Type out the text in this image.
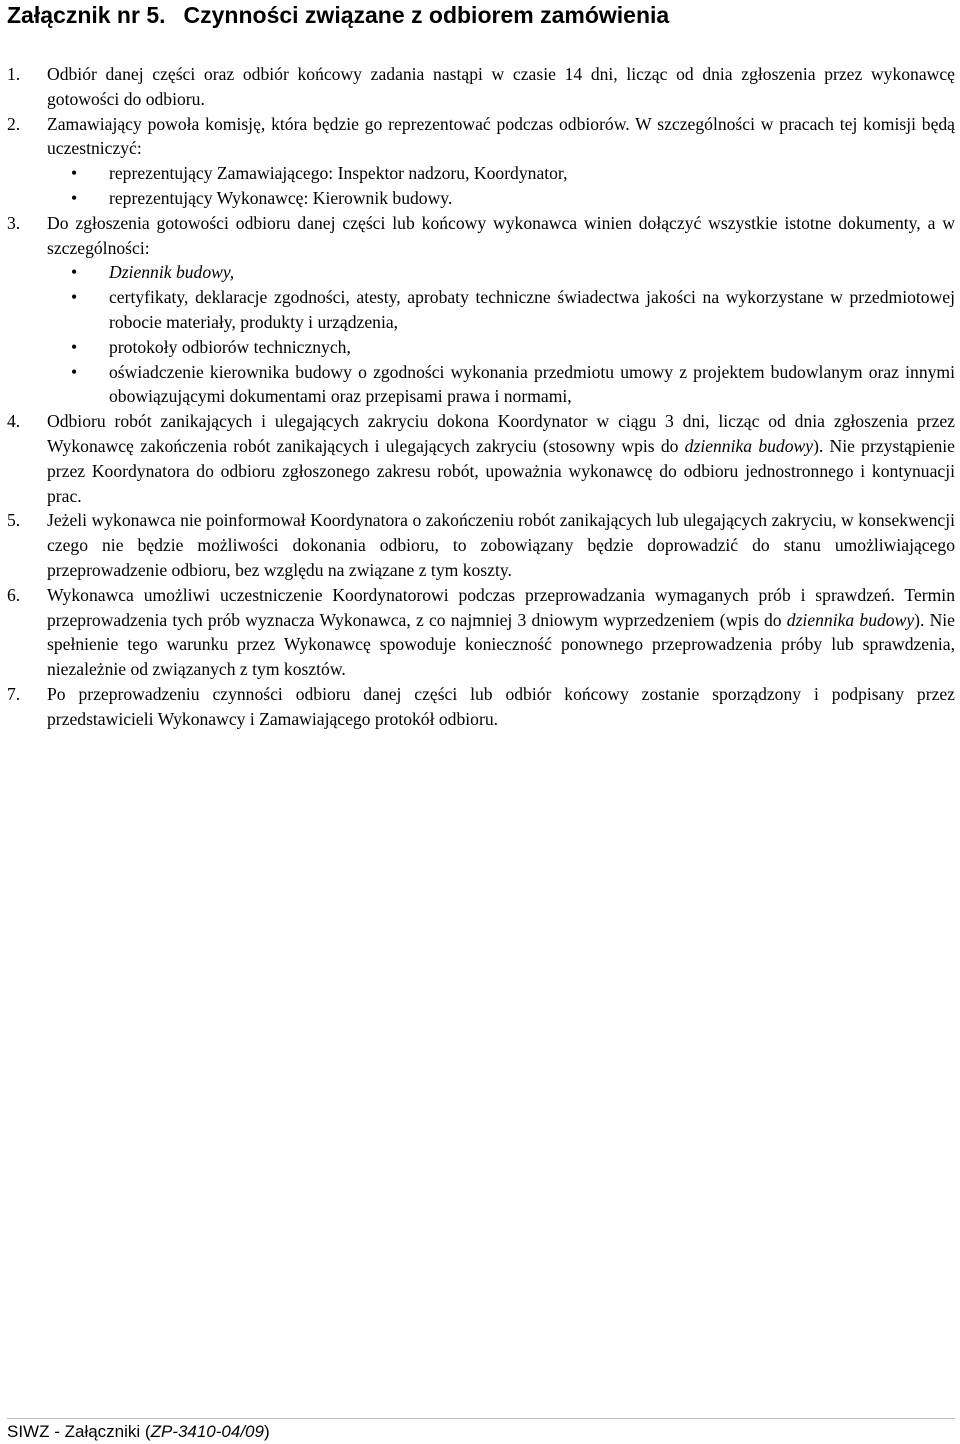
Załącznik nr 5. Czynności związane z odbiorem zamówienia
1.	Odbiór danej części oraz odbiór końcowy zadania nastąpi w czasie 14 dni, licząc od dnia zgłoszenia przez wykonawcę gotowości do odbioru.
2.	Zamawiający powoła komisję, która będzie go reprezentować podczas odbiorów. W szczególności w pracach tej komisji będą uczestniczyć:
•	reprezentujący Zamawiającego: Inspektor nadzoru, Koordynator,
•	reprezentujący Wykonawcę: Kierownik budowy.
3.	Do zgłoszenia gotowości odbioru danej części lub końcowy wykonawca winien dołączyć wszystkie istotne dokumenty, a w szczególności:
•	Dziennik budowy,
•	certyfikaty, deklaracje zgodności, atesty, aprobaty techniczne świadectwa jakości na wykorzystane w przedmiotowej robocie materiały, produkty i urządzenia,
•	protokoły odbiorów technicznych,
•	oświadczenie kierownika budowy o zgodności wykonania przedmiotu umowy z projektem budowlanym oraz innymi obowiązującymi dokumentami oraz przepisami prawa i normami,
4.	Odbioru robót zanikających i ulegających zakryciu dokona Koordynator w ciągu 3 dni, licząc od dnia zgłoszenia przez Wykonawcę zakończenia robót zanikających i ulegających zakryciu (stosowny wpis do dziennika budowy). Nie przystąpienie przez Koordynatora do odbioru zgłoszonego zakresu robót, upoważnia wykonawcę do odbioru jednostronnego i kontynuacji prac.
5.	Jeżeli wykonawca nie poinformował Koordynatora o zakończeniu robót zanikających lub ulegających zakryciu, w konsekwencji czego nie będzie możliwości dokonania odbioru, to zobowiązany będzie doprowadzić do stanu umożliwiającego przeprowadzenie odbioru, bez względu na związane z tym koszty.
6.	Wykonawca umożliwi uczestniczenie Koordynatorowi podczas przeprowadzania wymaganych prób i sprawdzeń. Termin przeprowadzenia tych prób wyznacza Wykonawca, z co najmniej 3 dniowym wyprzedzeniem (wpis do dziennika budowy). Nie spełnienie tego warunku przez Wykonawcę spowoduje konieczność ponownego przeprowadzenia próby lub sprawdzenia, niezależnie od związanych z tym kosztów.
7.	Po przeprowadzeniu czynności odbioru danej części lub odbiór końcowy zostanie sporządzony i podpisany przez przedstawicieli Wykonawcy i Zamawiającego protokół odbioru.
SIWZ - Załączniki (ZP-3410-04/09)
